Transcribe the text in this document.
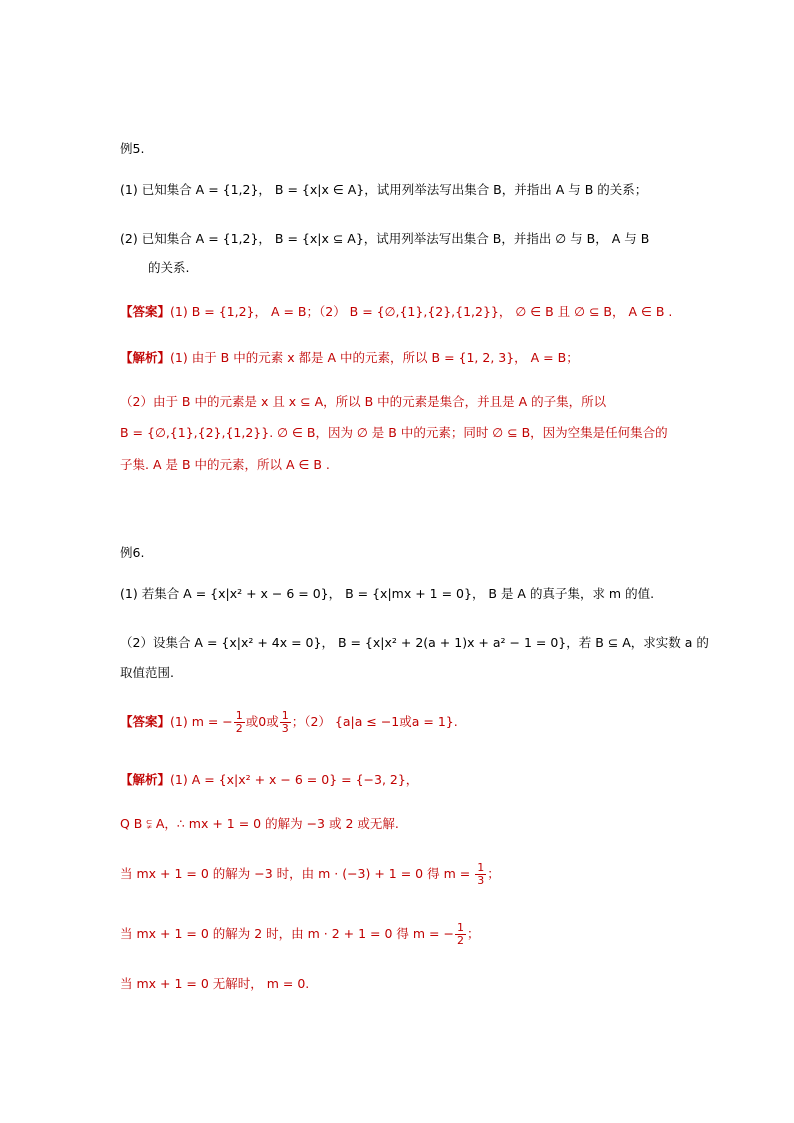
例5.
(1) 已知集合 A = {1,2}， B = {x|x ∈ A}，试用列举法写出集合 B，并指出 A 与 B 的关系；
(2) 已知集合 A = {1,2}， B = {x|x ⊆ A}，试用列举法写出集合 B，并指出 ∅ 与 B， A 与 B
的关系.
【答案】(1) B = {1,2}， A = B；（2） B = {∅,{1},{2},{1,2}}， ∅ ∈ B 且 ∅ ⊆ B， A ∈ B .
【解析】(1) 由于 B 中的元素 x 都是 A 中的元素，所以 B = {1, 2, 3}， A = B；
（2）由于 B 中的元素是 x 且 x ⊆ A，所以 B 中的元素是集合，并且是 A 的子集，所以
B = {∅,{1},{2},{1,2}}. ∅ ∈ B，因为 ∅ 是 B 中的元素；同时 ∅ ⊆ B，因为空集是任何集合的
子集. A 是 B 中的元素，所以 A ∈ B .
例6.
(1) 若集合 A = {x|x² + x − 6 = 0}， B = {x|mx + 1 = 0}， B 是 A 的真子集，求 m 的值.
（2）设集合 A = {x|x² + 4x = 0}， B = {x|x² + 2(a + 1)x + a² − 1 = 0}，若 B ⊆ A，求实数 a 的
取值范围.
【答案】(1) m = − $\frac{1}{2}$ 或0或 $\frac{1}{3}$ ；（2） {a|a ≤ −1或a = 1}.
【解析】(1) A = {x|x² + x − 6 = 0} = {−3, 2}，
Q B ⫋ A，∴ mx + 1 = 0 的解为 −3 或 2 或无解.
当 mx + 1 = 0 的解为 −3 时，由 m · (−3) + 1 = 0 得 $m = \frac{1}{3}$ ；
当 mx + 1 = 0 的解为 2 时，由 m · 2 + 1 = 0 得 m = − $\frac{1}{2}$ ；
当 mx + 1 = 0 无解时， m = 0.
